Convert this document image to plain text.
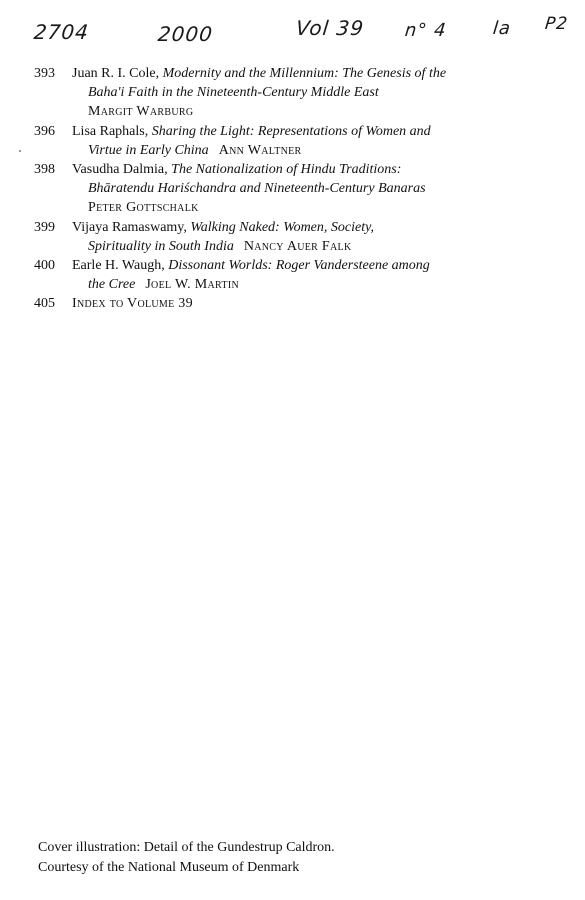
2704	2000	Vol 39 n° 4 la P2
393 Juan R. I. Cole, Modernity and the Millennium: The Genesis of the
Baha'i Faith in the Nineteenth-Century Middle East
Margit Warburg
396 Lisa Raphals, Sharing the Light: Representations of Women and
Virtue in Early China Ann Waltner
398 Vasudha Dalmia, The Nationalization of Hindu Traditions:
Bhāratendu Hariśchandra and Nineteenth-Century Banaras
Peter Gottschalk
399 Vijaya Ramaswamy, Walking Naked: Women, Society,
Spirituality in South India Nancy Auer Falk
400 Earle H. Waugh, Dissonant Worlds: Roger Vandersteene among
the Cree Joel W. Martin
405 Index to Volume 39
Cover illustration: Detail of the Gundestrup Caldron.
Courtesy of the National Museum of Denmark
